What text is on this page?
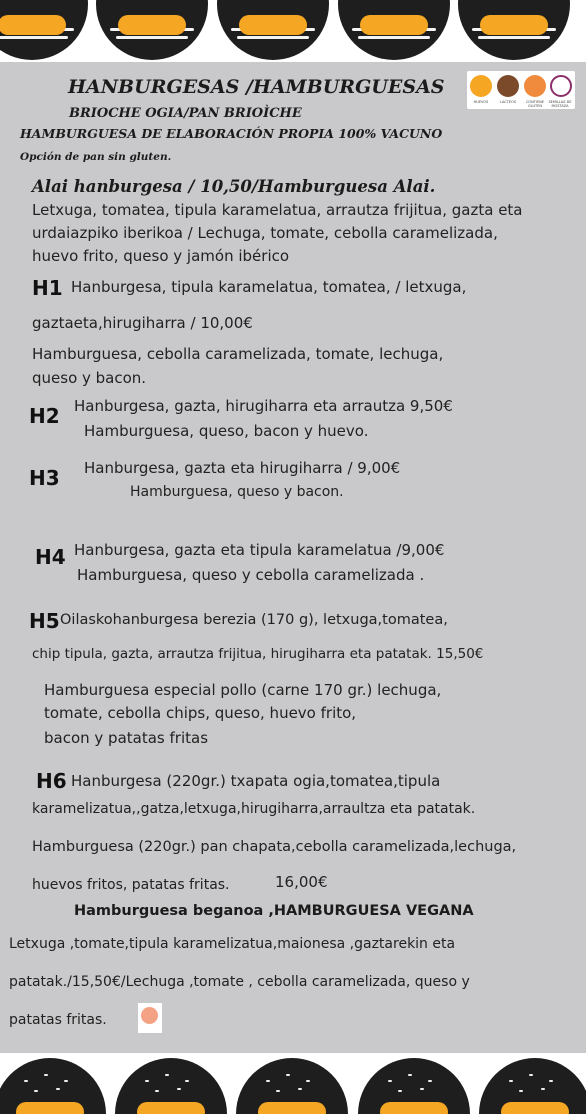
HANBURGESAS /HAMBURGUESAS
BRIOCHE OGIA/PAN BRIOÌCHE
HAMBURGUESA DE ELABORACIÓN PROPIA 100% VACUNO
Opción de pan sin gluten.
HUEVOS	LACTEOS	CONTIENE GLUTEN
SEMILLAS DE MOSTAZA
Alai hanburgesa / 10,50/Hamburguesa Alai.
Letxuga, tomatea, tipula karamelatua, arrautza frijitua, gazta eta
urdaiazpiko iberikoa / Lechuga, tomate, cebolla caramelizada,
huevo frito, queso y jamón ibérico
H1 Hanburgesa, tipula karamelatua, tomatea, / letxuga,
gaztaeta,hirugiharra / 10,00€
Hamburguesa, cebolla caramelizada, tomate, lechuga,
queso y bacon.
H2 Hanburgesa, gazta, hirugiharra eta arrautza 9,50€
Hamburguesa, queso, bacon y huevo.
H3 Hanburgesa, gazta eta hirugiharra / 9,00€
Hamburguesa, queso y bacon.
H4 Hanburgesa, gazta eta tipula karamelatua /9,00€
Hamburguesa, queso y cebolla caramelizada .
H5 Oilaskohanburgesa berezia (170 g), letxuga,tomatea,
chip tipula, gazta, arrautza frijitua, hirugiharra eta patatak. 15,50€
Hamburguesa especial pollo (carne 170 gr.) lechuga,
tomate, cebolla chips, queso, huevo frito,
bacon y patatas fritas
H6 Hanburgesa (220gr.) txapata ogia,tomatea,tipula
karamelizatua,,gatza,letxuga,hirugiharra,arraultza eta patatak.
Hamburguesa (220gr.) pan chapata,cebolla caramelizada,lechuga,
huevos fritos, patatas fritas.	16,00€
Hamburguesa beganoa ,HAMBURGUESA VEGANA
Letxuga ,tomate,tipula karamelizatua,maionesa ,gaztarekin eta
patatak./15,50€/Lechuga ,tomate , cebolla caramelizada, queso y
patatas fritas.
